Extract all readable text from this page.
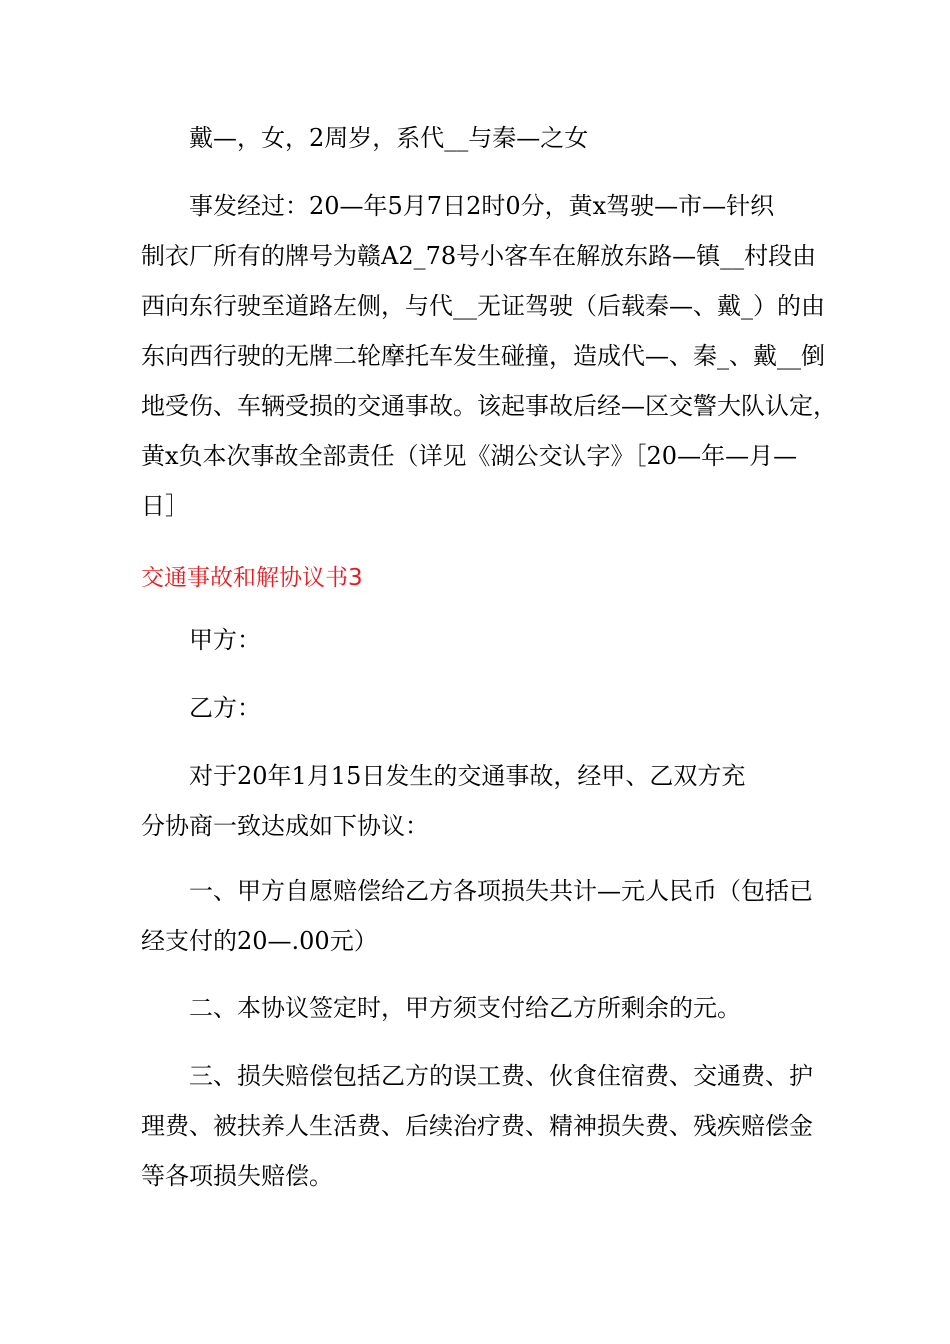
戴—，女，2周岁，系代__与秦—之女

事发经过：20—年5月7日2时0分，黄x驾驶—市—针织
制衣厂所有的牌号为赣A2_78号小客车在解放东路—镇__村段由
西向东行驶至道路左侧，与代__无证驾驶（后载秦—、戴_）的由
东向西行驶的无牌二轮摩托车发生碰撞，造成代—、秦_、戴__倒
地受伤、车辆受损的交通事故。该起事故后经—区交警大队认定，
黄x负本次事故全部责任（详见《湖公交认字》［20—年—月—
日］

交通事故和解协议书3

甲方：

乙方：

对于20年1月15日发生的交通事故，经甲、乙双方充
分协商一致达成如下协议：

一、甲方自愿赔偿给乙方各项损失共计—元人民币（包括已
经支付的20—.00元）

二、本协议签定时，甲方须支付给乙方所剩余的元。

三、损失赔偿包括乙方的误工费、伙食住宿费、交通费、护
理费、被扶养人生活费、后续治疗费、精神损失费、残疾赔偿金
等各项损失赔偿。
